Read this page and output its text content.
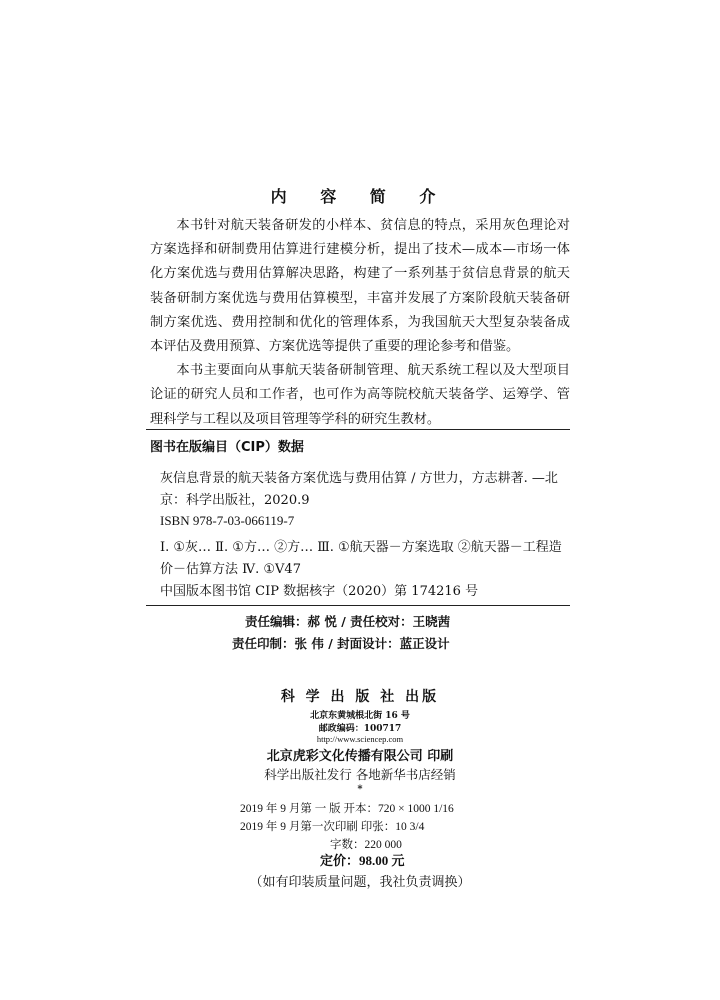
内 容 简 介

本书针对航天装备研发的小样本、贫信息的特点，采用灰色理论对方案选择和研制费用估算进行建模分析，提出了技术—成本—市场一体化方案优选与费用估算解决思路，构建了一系列基于贫信息背景的航天装备研制方案优选与费用估算模型，丰富并发展了方案阶段航天装备研制方案优选、费用控制和优化的管理体系，为我国航天大型复杂装备成本评估及费用预算、方案优选等提供了重要的理论参考和借鉴。

本书主要面向从事航天装备研制管理、航天系统工程以及大型项目论证的研究人员和工作者，也可作为高等院校航天装备学、运筹学、管理科学与工程以及项目管理等学科的研究生教材。

图书在版编目（CIP）数据
灰信息背景的航天装备方案优选与费用估算 / 方世力，方志耕著. —北京：科学出版社，2020.9
ISBN 978-7-03-066119-7
Ⅰ. ①灰… Ⅱ. ①方… ②方… Ⅲ. ①航天器－方案选取 ②航天器－工程造价－估算方法 Ⅳ. ①V47
中国版本图书馆 CIP 数据核字（2020）第 174216 号
责任编辑：郝 悦 / 责任校对：王晓茜
责任印制：张 伟 / 封面设计：蓝正设计
科 学 出 版 社 出版
北京东黄城根北街 16 号
邮政编码：100717
http://www.sciencep.com
北京虎彩文化传播有限公司 印刷
科学出版社发行 各地新华书店经销
*
2019 年 9 月第 一 版 开本：720 × 1000 1/16
2019 年 9 月第一次印刷 印张：10 3/4
字数：220 000
定价：98.00 元
（如有印装质量问题，我社负责调换）
